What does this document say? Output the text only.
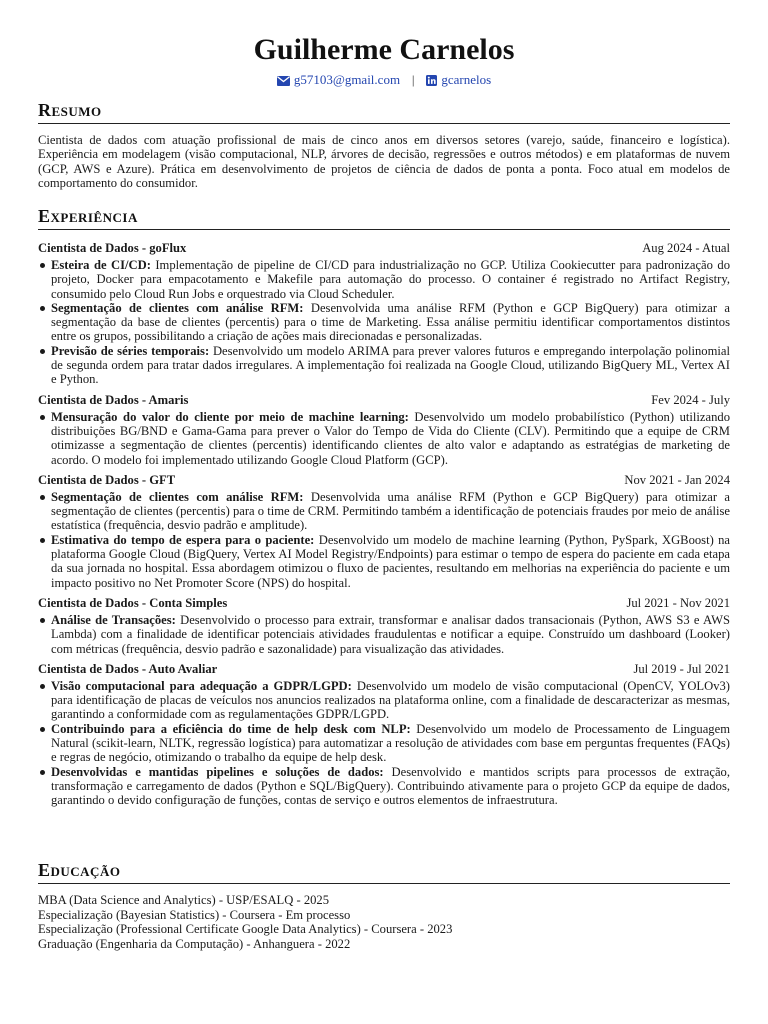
Guilherme Carnelos
g57103@gmail.com | gcarnelos
Resumo

Cientista de dados com atuação profissional de mais de cinco anos em diversos setores (varejo, saúde, financeiro e logística). Experiência em modelagem (visão computacional, NLP, árvores de decisão, regressões e outros métodos) e em plataformas de nuvem (GCP, AWS e Azure). Prática em desenvolvimento de projetos de ciência de dados de ponta a ponta. Foco atual em modelos de comportamento do consumidor.

Experiência
Cientista de Dados - goFlux	Aug 2024 - Atual
Esteira de CI/CD: Implementação de pipeline de CI/CD para industrialização no GCP. Utiliza Cookiecutter para padronização do projeto, Docker para empacotamento e Makefile para automação do processo. O container é registrado no Artifact Registry, consumido pelo Cloud Run Jobs e orquestrado via Cloud Scheduler.
Segmentação de clientes com análise RFM: Desenvolvida uma análise RFM (Python e GCP BigQuery) para otimizar a segmentação da base de clientes (percentis) para o time de Marketing. Essa análise permitiu identificar comportamentos distintos entre os grupos, possibilitando a criação de ações mais direcionadas e personalizadas.
Previsão de séries temporais: Desenvolvido um modelo ARIMA para prever valores futuros e empregando interpolação polinomial de segunda ordem para tratar dados irregulares. A implementação foi realizada na Google Cloud, utilizando BigQuery ML, Vertex AI e Python.
Cientista de Dados - Amaris	Fev 2024 - July
Mensuração do valor do cliente por meio de machine learning: Desenvolvido um modelo probabilístico (Python) utilizando distribuições BG/BND e Gama-Gama para prever o Valor do Tempo de Vida do Cliente (CLV). Permitindo que a equipe de CRM otimizasse a segmentação de clientes (percentis) identificando clientes de alto valor e adaptando as estratégias de marketing de acordo. O modelo foi implementado utilizando Google Cloud Platform (GCP).
Cientista de Dados - GFT	Nov 2021 - Jan 2024
Segmentação de clientes com análise RFM: Desenvolvida uma análise RFM (Python e GCP BigQuery) para otimizar a segmentação de clientes (percentis) para o time de CRM. Permitindo também a identificação de potenciais fraudes por meio de análise estatística (frequência, desvio padrão e amplitude).
Estimativa do tempo de espera para o paciente: Desenvolvido um modelo de machine learning (Python, PySpark, XGBoost) na plataforma Google Cloud (BigQuery, Vertex AI Model Registry/Endpoints) para estimar o tempo de espera do paciente em cada etapa da sua jornada no hospital. Essa abordagem otimizou o fluxo de pacientes, resultando em melhorias na experiência do paciente e um impacto positivo no Net Promoter Score (NPS) do hospital.
Cientista de Dados - Conta Simples	Jul 2021 - Nov 2021
Análise de Transações: Desenvolvido o processo para extrair, transformar e analisar dados transacionais (Python, AWS S3 e AWS Lambda) com a finalidade de identificar potenciais atividades fraudulentas e notificar a equipe. Construído um dashboard (Looker) com métricas (frequência, desvio padrão e sazonalidade) para visualização das atividades.
Cientista de Dados - Auto Avaliar	Jul 2019 - Jul 2021
Visão computacional para adequação a GDPR/LGPD: Desenvolvido um modelo de visão computacional (OpenCV, YOLOv3) para identificação de placas de veículos nos anuncios realizados na plataforma online, com a finalidade de descaracterizar as mesmas, garantindo a conformidade com as regulamentações GDPR/LGPD.
Contribuindo para a eficiência do time de help desk com NLP: Desenvolvido um modelo de Processamento de Linguagem Natural (scikit-learn, NLTK, regressão logística) para automatizar a resolução de atividades com base em perguntas frequentes (FAQs) e regras de negócio, otimizando o trabalho da equipe de help desk.
Desenvolvidas e mantidas pipelines e soluções de dados: Desenvolvido e mantidos scripts para processos de extração, transformação e carregamento de dados (Python e SQL/BigQuery). Contribuindo ativamente para o projeto GCP da equipe de dados, garantindo o devido configuração de funções, contas de serviço e outros elementos de infraestrutura.
Educação
MBA (Data Science and Analytics) - USP/ESALQ - 2025
Especialização (Bayesian Statistics) - Coursera - Em processo
Especialização (Professional Certificate Google Data Analytics) - Coursera - 2023
Graduação (Engenharia da Computação) - Anhanguera - 2022
